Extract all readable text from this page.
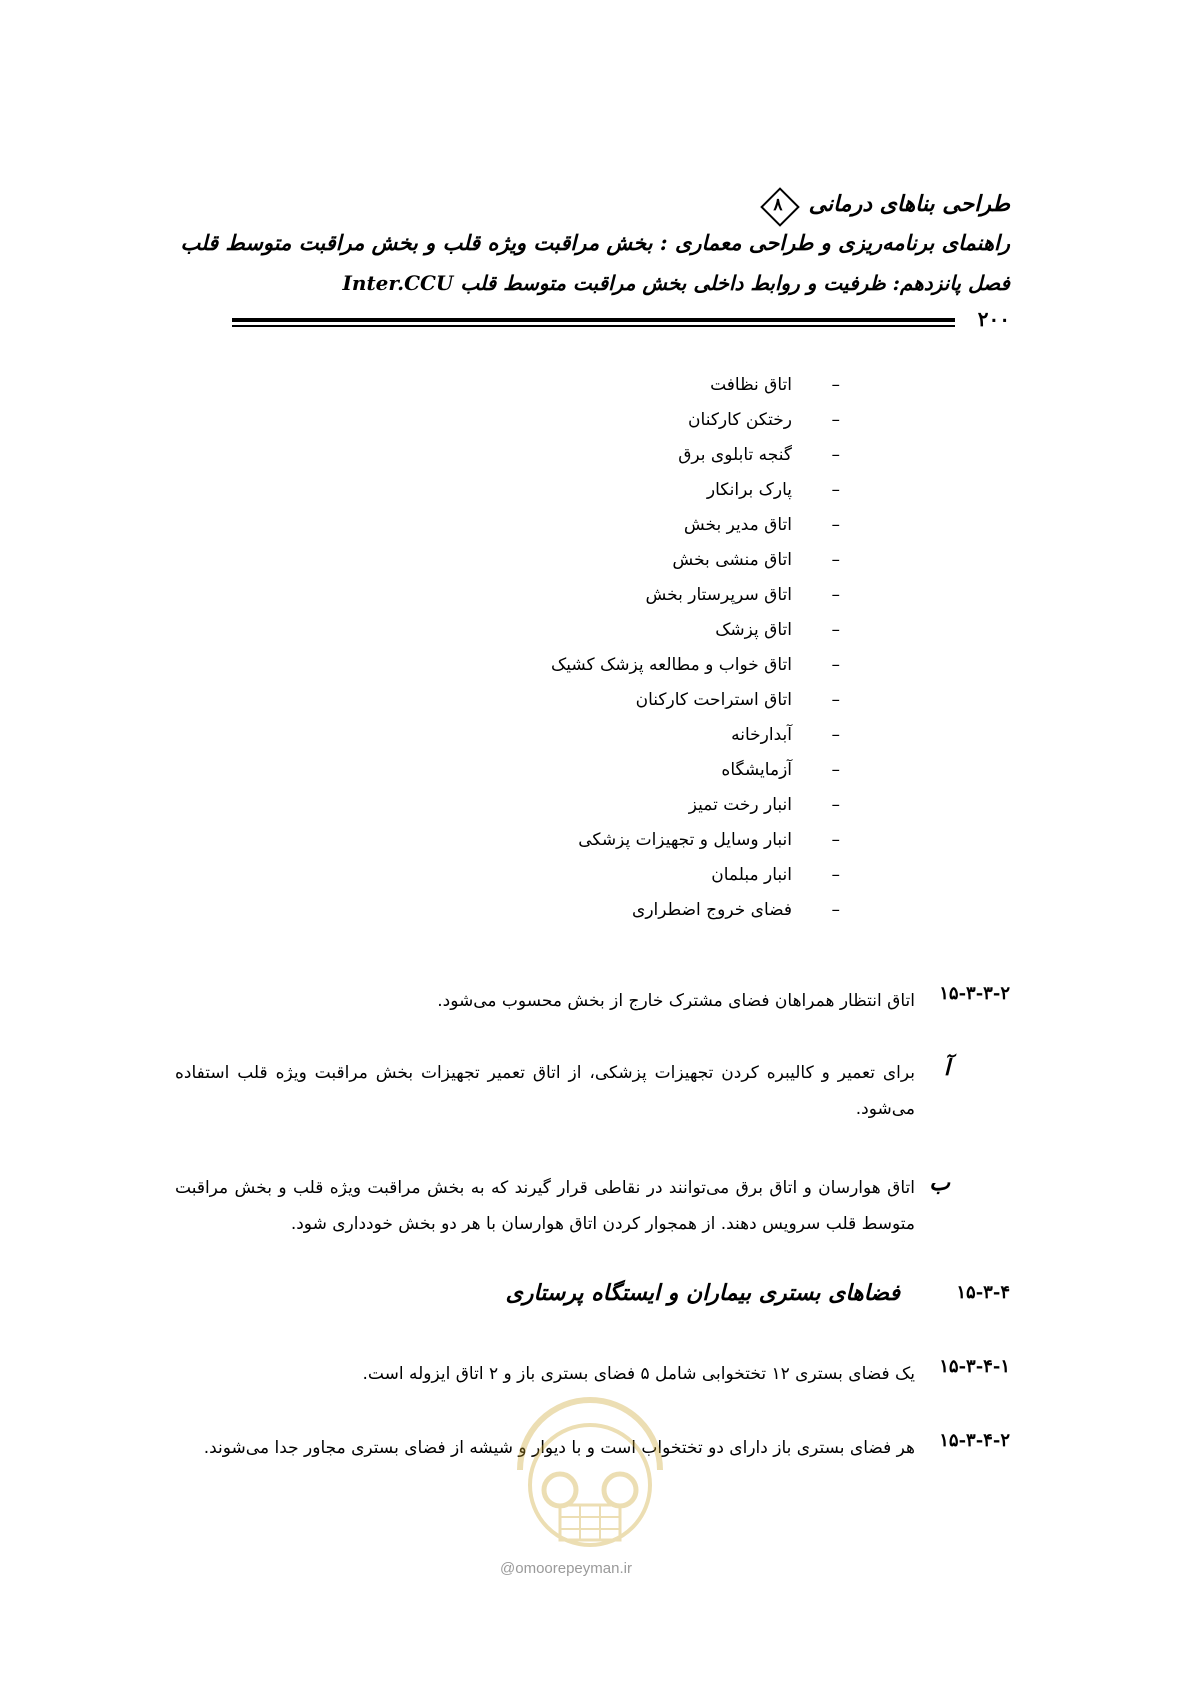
طراحی بناهای درمانی
۸
راهنمای برنامه‌ریزی و طراحی معماری : بخش مراقبت ویژه قلب و بخش مراقبت متوسط قلب
فصل پانزدهم: ظرفیت و روابط داخلی بخش مراقبت متوسط قلب Inter.CCU
۲۰۰
–اتاق نظافت
–رختکن کارکنان
–گنجه تابلوی برق
–پارک برانکار
–اتاق مدیر بخش
–اتاق منشی بخش
–اتاق سرپرستار بخش
–اتاق پزشک
–اتاق خواب و مطالعه پزشک کشیک
–اتاق استراحت کارکنان
–آبدارخانه
–آزمایشگاه
–انبار رخت تمیز
–انبار وسایل و تجهیزات پزشکی
–انبار مبلمان
–فضای خروج اضطراری
۱۵-۳-۳-۲
اتاق انتظار همراهان فضای مشترک خارج از بخش محسوب می‌شود.
آ
برای تعمیر و کالیبره کردن تجهیزات پزشکی، از اتاق تعمیر تجهیزات بخش مراقبت ویژه قلب استفاده می‌شود.
ب
اتاق هوارسان و اتاق برق می‌توانند در نقاطی قرار گیرند که به بخش مراقبت ویژه قلب و بخش مراقبت متوسط قلب سرویس دهند. از همجوار کردن اتاق هوارسان با هر دو بخش خودداری شود.
۱۵-۳-۴
فضاهای بستری بیماران و ایستگاه پرستاری
۱۵-۳-۴-۱
یک فضای بستری ۱۲ تختخوابی شامل ۵ فضای بستری باز و ۲ اتاق ایزوله است.
۱۵-۳-۴-۲
هر فضای بستری باز دارای دو تختخواب است و با دیوار و شیشه از فضای بستری مجاور جدا می‌شوند.
@omoorepeyman.ir
